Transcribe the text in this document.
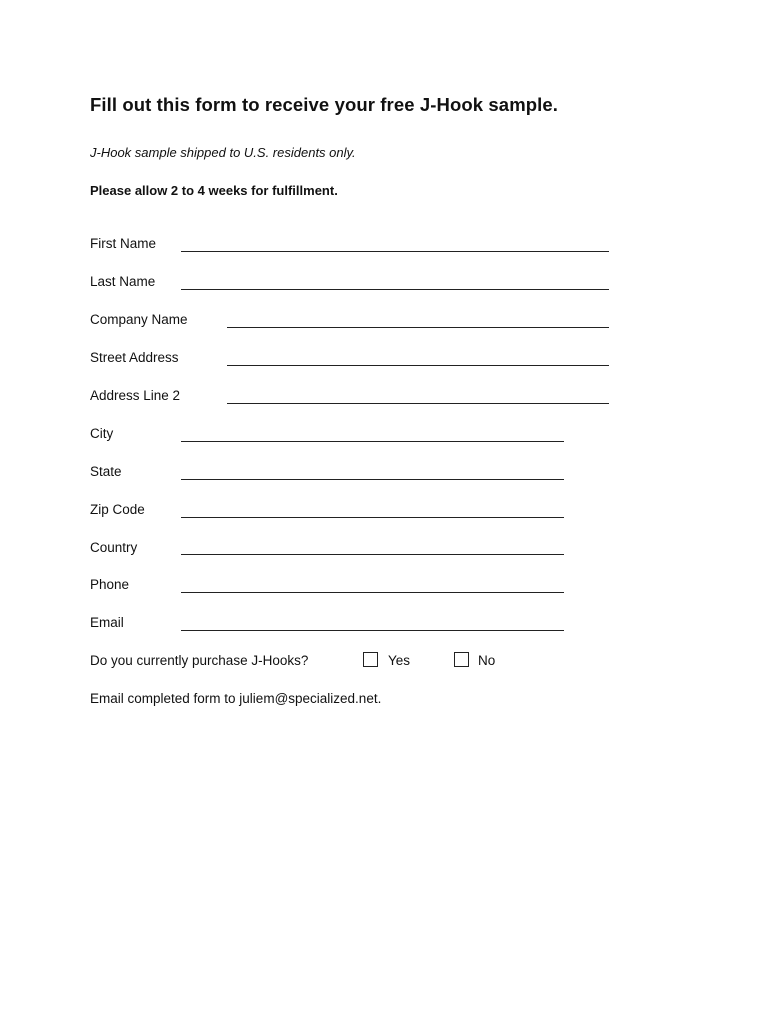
Fill out this form to receive your free J-Hook sample.
J-Hook sample shipped to U.S. residents only.
Please allow 2 to 4 weeks for fulfillment.
First Name
Last Name
Company Name
Street Address
Address Line 2
City
State
Zip Code
Country
Phone
Email
Do you currently purchase J-Hooks?	Yes	No
Email completed form to juliem@specialized.net.
